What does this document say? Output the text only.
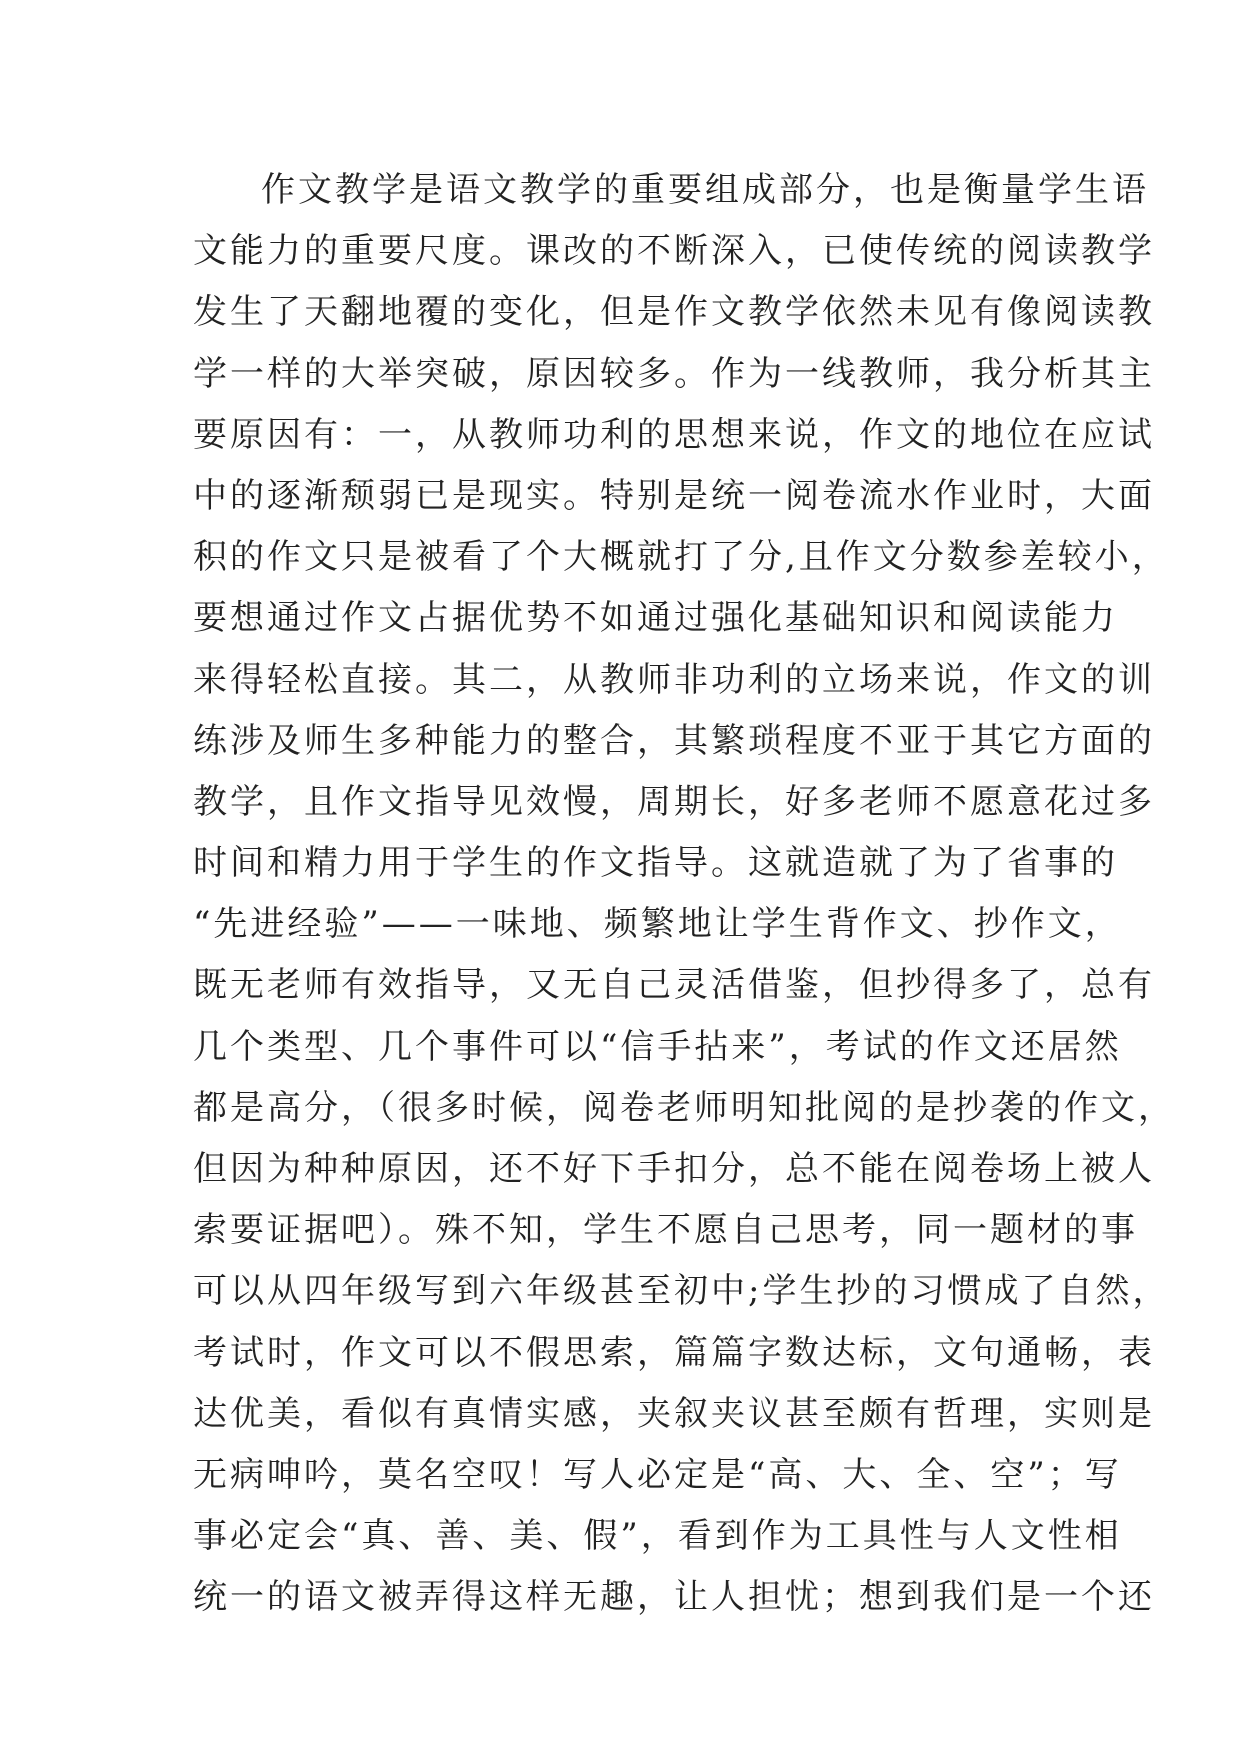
作文教学是语文教学的重要组成部分，也是衡量学生语
文能力的重要尺度。课改的不断深入，已使传统的阅读教学
发生了天翻地覆的变化，但是作文教学依然未见有像阅读教
学一样的大举突破，原因较多。作为一线教师，我分析其主
要原因有：一，从教师功利的思想来说，作文的地位在应试
中的逐渐颓弱已是现实。特别是统一阅卷流水作业时，大面
积的作文只是被看了个大概就打了分,且作文分数参差较小，
要想通过作文占据优势不如通过强化基础知识和阅读能力
来得轻松直接。其二，从教师非功利的立场来说，作文的训
练涉及师生多种能力的整合，其繁琐程度不亚于其它方面的
教学，且作文指导见效慢，周期长，好多老师不愿意花过多
时间和精力用于学生的作文指导。这就造就了为了省事的
“先进经验”——一味地、频繁地让学生背作文、抄作文，
既无老师有效指导，又无自己灵活借鉴，但抄得多了，总有
几个类型、几个事件可以“信手拈来”，考试的作文还居然
都是高分，（很多时候，阅卷老师明知批阅的是抄袭的作文，
但因为种种原因，还不好下手扣分，总不能在阅卷场上被人
索要证据吧）。殊不知，学生不愿自己思考，同一题材的事
可以从四年级写到六年级甚至初中;学生抄的习惯成了自然，
考试时，作文可以不假思索，篇篇字数达标，文句通畅，表
达优美，看似有真情实感，夹叙夹议甚至颇有哲理，实则是
无病呻吟，莫名空叹！写人必定是“高、大、全、空”；写
事必定会“真、善、美、假”，看到作为工具性与人文性相
统一的语文被弄得这样无趣，让人担忧；想到我们是一个还
